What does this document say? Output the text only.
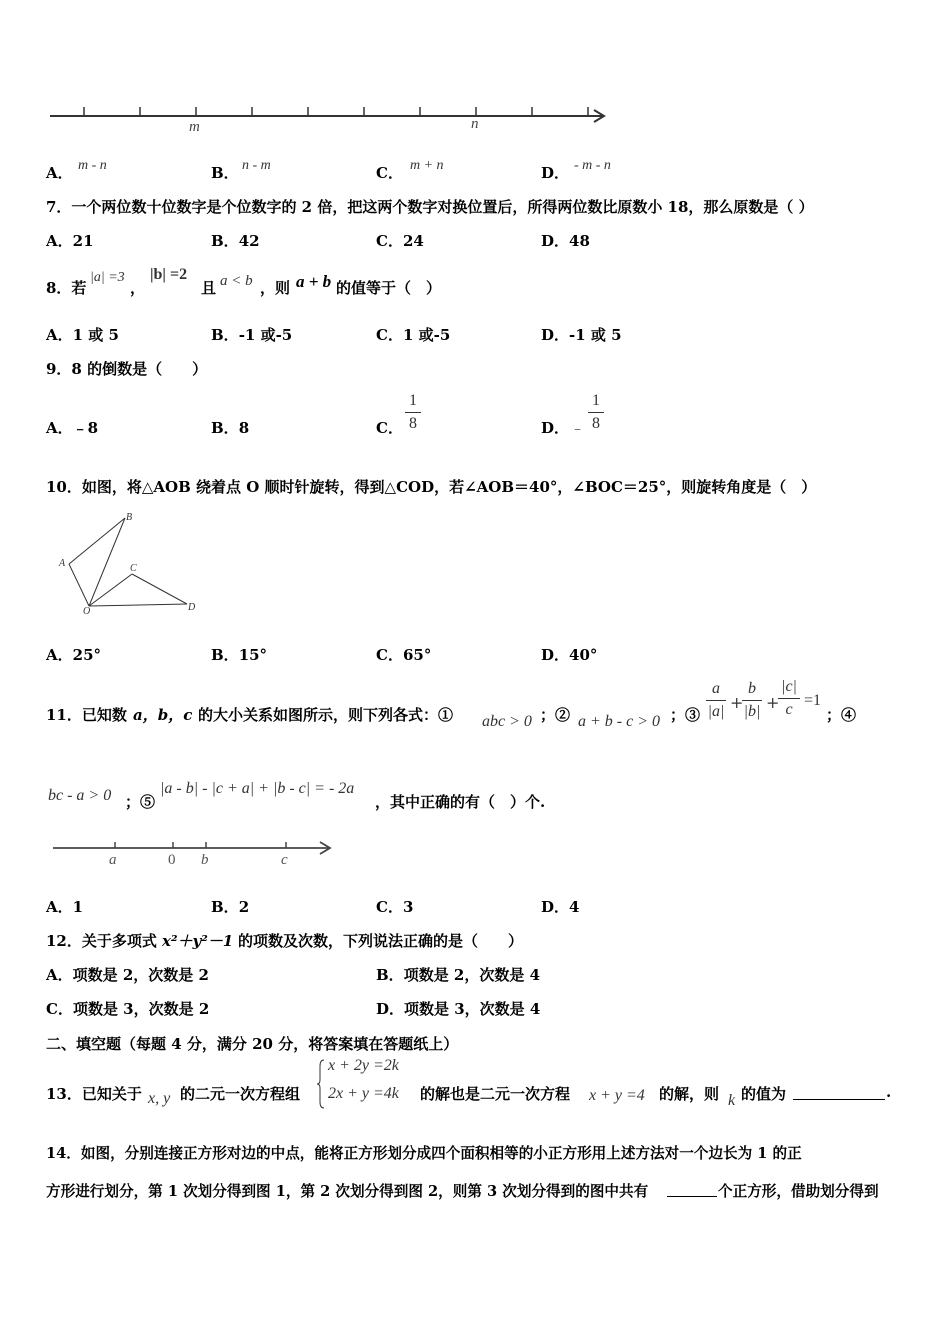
m	n
A． m - n	B． n - m	C． m + n	D． - m - n
7．一个两位数十位数字是个位数字的 2 倍，把这两个数字对换位置后，所得两位数比原数小 18，那么原数是（ ）
A．21	B．42	C．24	D．48
8．若
|a| =3
，
|b| =2
且 a < b ，则 a + b 的值等于（　）
A．1 或 5	B．-1 或-5	C．1 或-5	D．-1 或 5
9．8 的倒数是（　　）
A．﹣8	B．8	C．
1
8	D． ﹣
1
8
10．如图，将△AOB 绕着点 O 顺时针旋转，得到△COD，若∠AOB＝40°，∠BOC＝25°，则旋转角度是（　）
A
B
C
O	D
A．25°	B．15°	C．65°	D．40°
11．已知数 a，b，c 的大小关系如图所示，则下列各式：① abc > 0 ；② a + b - c > 0 ；③
a
|a| +
b
|b| +
|c|
c
=1
；④
bc - a > 0 ；⑤
|a - b| - |c + a| + |b - c| = - 2a
，其中正确的有（　）个.
a	0 b	c
A．1	B．2	C．3	D．4
12．关于多项式 x²＋y²－1 的项数及次数，下列说法正确的是（　　）
A．项数是 2，次数是 2	B．项数是 2，次数是 4
C．项数是 3，次数是 2	D．项数是 3，次数是 4
二、填空题（每题 4 分，满分 20 分，将答案填在答题纸上）
13．已知关于 x, y 的二元一次方程组
x + 2y =2k
2x + y =4k 的解也是二元一次方程 x + y =4 的解，则 k 的值为	.
14．如图，分别连接正方形对边的中点，能将正方形划分成四个面积相等的小正方形用上述方法对一个边长为 1 的正
方形进行划分，第 1 次划分得到图 1，第 2 次划分得到图 2，则第 3 次划分得到的图中共有	个正方形，借助划分得到
